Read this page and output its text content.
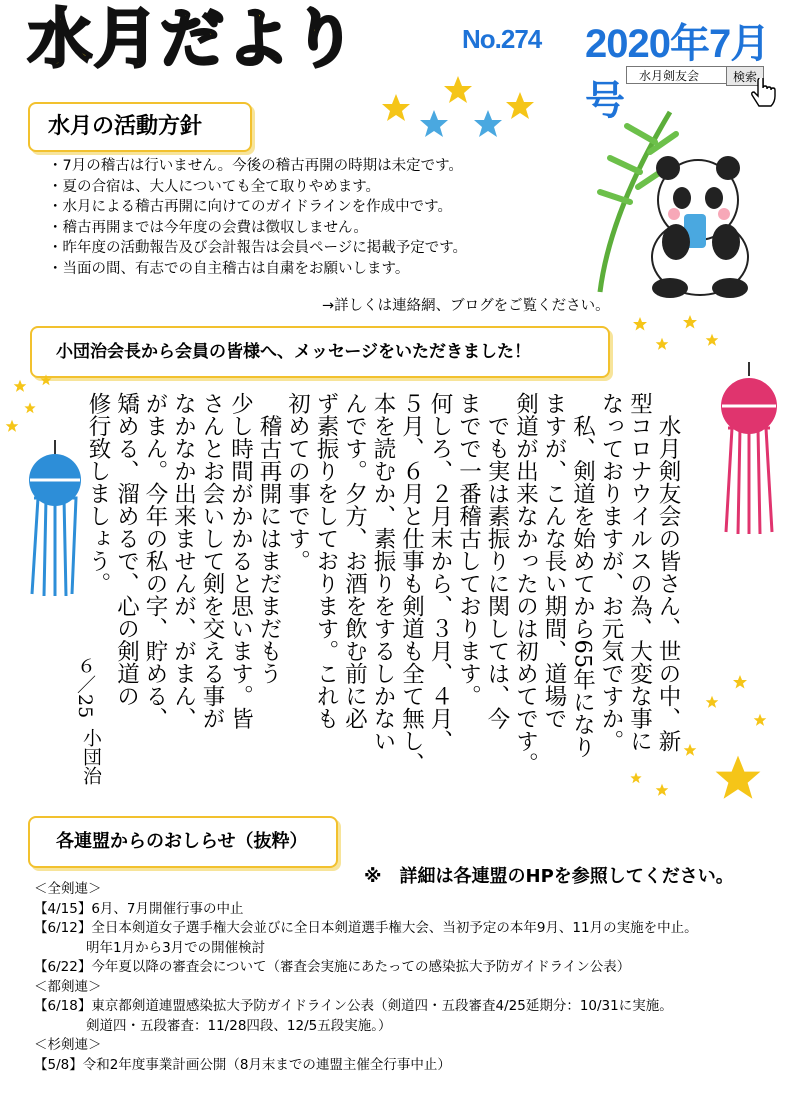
水月だより	No.274 2020年7月号
水月剣友会	検索
水月の活動方針
・7月の稽古は行いません。今後の稽古再開の時期は未定です。
・夏の合宿は、大人についても全て取りやめます。
・水月による稽古再開に向けてのガイドラインを作成中です。
・稽古再開までは今年度の会費は徴収しません。
・昨年度の活動報告及び会計報告は会員ページに掲載予定です。
・当面の間、有志での自主稽古は自粛をお願いします。
→詳しくは連絡網、ブログをご覧ください。
小団治会長から会員の皆様へ、メッセージをいただきました！
　水月剣友会の皆さん、世の中、新
型コロナウイルスの為、大変な事に
なっておりますが、お元気ですか。
　私、剣道を始めてから65年になり
ますが、こんな長い期間、道場で
剣道が出来なかったのは初めてです。
　でも実は素振りに関しては、今
までで一番稽古しております。
何しろ、２月末から、３月、４月、
５月、６月と仕事も剣道も全て無し、
本を読むか、素振りをするしかない
んです。夕方、お酒を飲む前に必
ず素振りをしております。これも
初めての事です。
　稽古再開にはまだまだもう
少し時間がかかると思います。皆
さんとお会いして剣を交える事が
なかなか出来ませんが、がまん、
がまん。今年の私の字、貯める、
矯める、溜めるで、心の剣道の
修行致しましょう。
６／25
小団治
各連盟からのおしらせ（抜粋）
※　詳細は各連盟のHPを参照してください。
＜全剣連＞
【4/15】6月、7月開催行事の中止
【6/12】全日本剣道女子選手権大会並びに全日本剣道選手権大会、当初予定の本年9月、11月の実施を中止。
明年1月から3月での開催検討
【6/22】今年夏以降の審査会について（審査会実施にあたっての感染拡大予防ガイドライン公表）
＜都剣連＞
【6/18】東京都剣道連盟感染拡大予防ガイドライン公表（剣道四・五段審査4/25延期分：10/31に実施。
剣道四・五段審査：11/28四段、12/5五段実施。）
＜杉剣連＞
【5/8】令和2年度事業計画公開（8月末までの連盟主催全行事中止）
